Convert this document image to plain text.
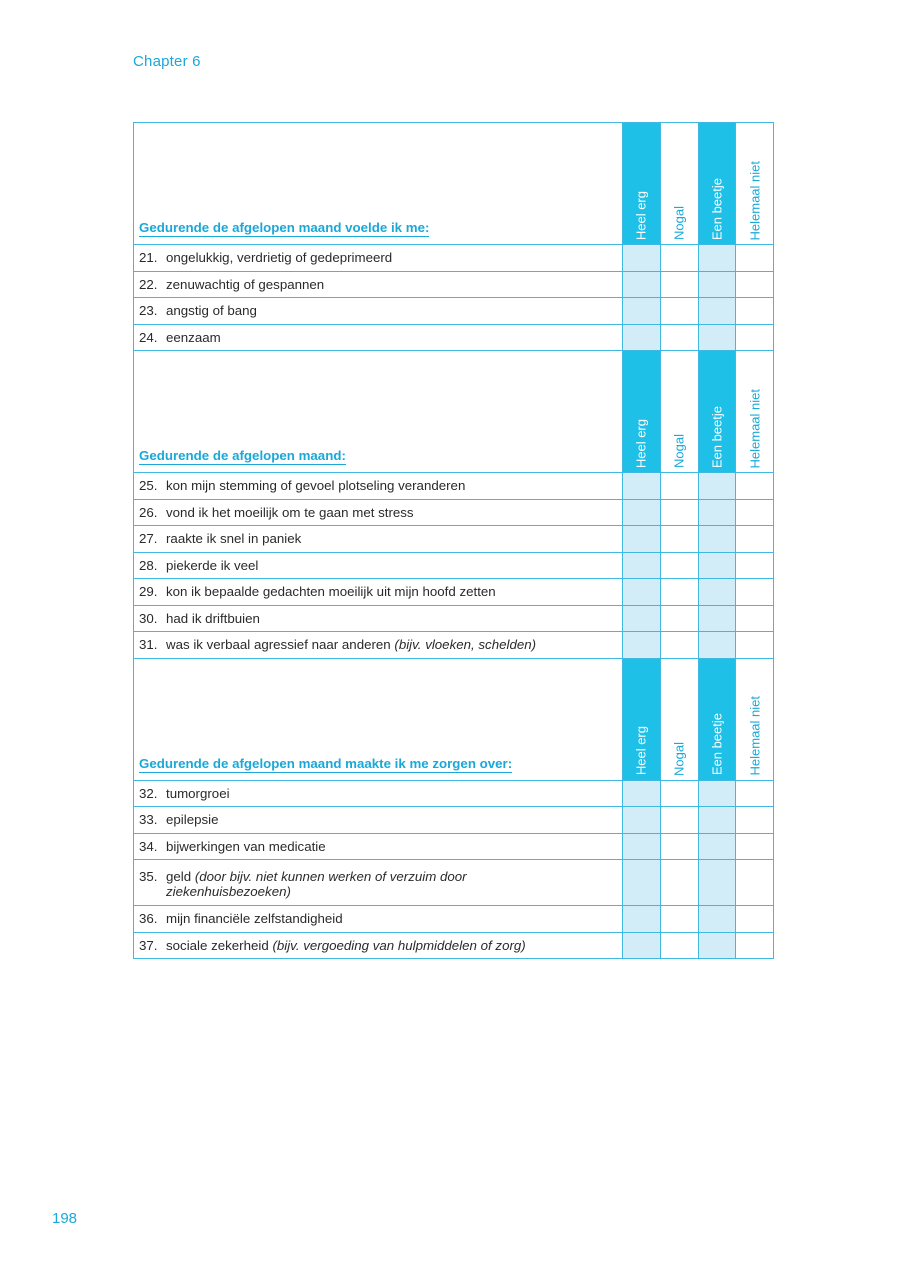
Chapter 6
Gedurende de afgelopen maand voelde ik me:	Heel erg	Nogal	Een beetje	Helemaal niet

21. ongelukkig, verdrietig of gedeprimeerd				
22. zenuwachtig of gespannen				
23. angstig of bang				
24. eenzaam				
Gedurende de afgelopen maand:	Heel erg	Nogal	Een beetje	Helemaal niet

25. kon mijn stemming of gevoel plotseling veranderen				
26. vond ik het moeilijk om te gaan met stress				
27. raakte ik snel in paniek				
28. piekerde ik veel				
29. kon ik bepaalde gedachten moeilijk uit mijn hoofd zetten				
30. had ik driftbuien				
31. was ik verbaal agressief naar anderen (bijv. vloeken, schelden)				
Gedurende de afgelopen maand maakte ik me zorgen over:	Heel erg	Nogal	Een beetje	Helemaal niet

32. tumorgroei				
33. epilepsie				
34. bijwerkingen van medicatie				
35. geld (door bijv. niet kunnen werken of verzuim door
ziekenhuisbezoeken)				

36. mijn financiële zelfstandigheid				
37. sociale zekerheid (bijv. vergoeding van hulpmiddelen of zorg)				
198
